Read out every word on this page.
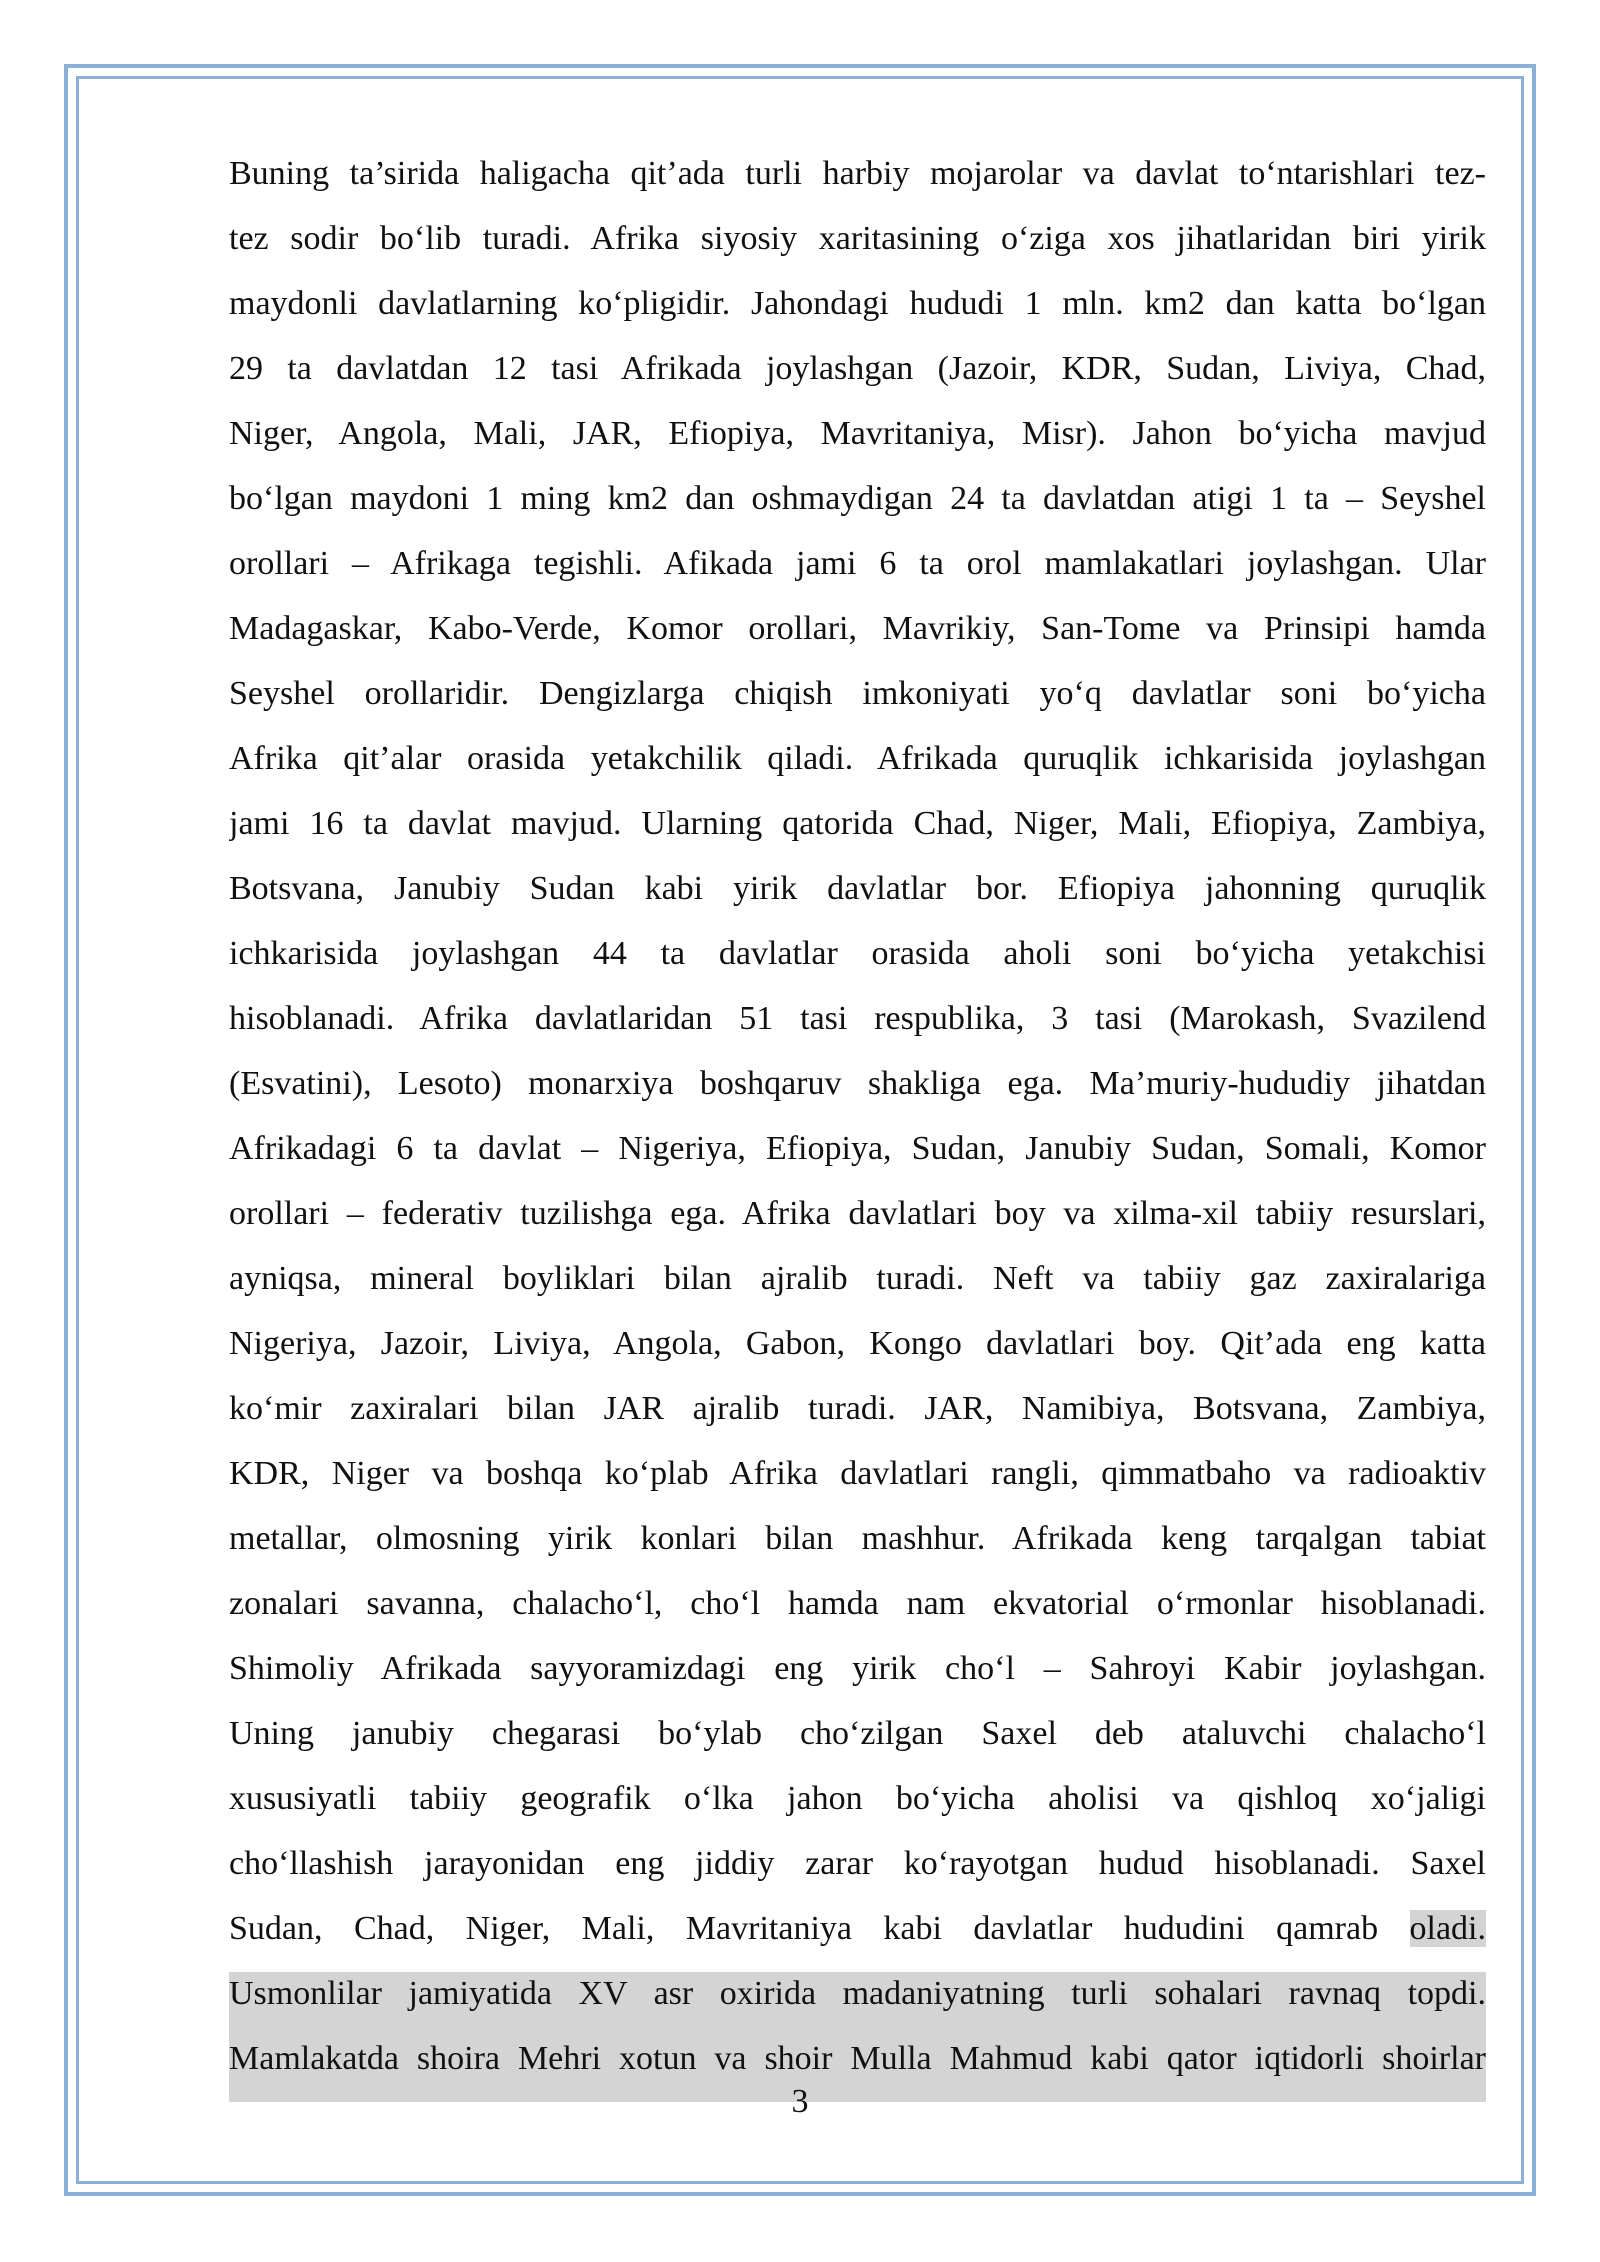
Buning ta’sirida haligacha qit’ada turli harbiy mojarolar va davlat to‘ntarishlari tez-
tez sodir bo‘lib turadi. Afrika siyosiy xaritasining o‘ziga xos jihatlaridan biri yirik
maydonli davlatlarning ko‘pligidir. Jahondagi hududi 1 mln. km2 dan katta bo‘lgan
29 ta davlatdan 12 tasi Afrikada joylashgan (Jazoir, KDR, Sudan, Liviya, Chad,
Niger, Angola, Mali, JAR, Efiopiya, Mavritaniya, Misr). Jahon bo‘yicha mavjud
bo‘lgan maydoni 1 ming km2 dan oshmaydigan 24 ta davlatdan atigi 1 ta – Seyshel
orollari – Afrikaga tegishli. Afikada jami 6 ta orol mamlakatlari joylashgan. Ular
Madagaskar, Kabo-Verde, Komor orollari, Mavrikiy, San-Tome va Prinsipi hamda
Seyshel orollaridir. Dengizlarga chiqish imkoniyati yo‘q davlatlar soni bo‘yicha
Afrika qit’alar orasida yetakchilik qiladi. Afrikada quruqlik ichkarisida joylashgan
jami 16 ta davlat mavjud. Ularning qatorida Chad, Niger, Mali, Efiopiya, Zambiya,
Botsvana, Janubiy Sudan kabi yirik davlatlar bor. Efiopiya jahonning quruqlik
ichkarisida joylashgan 44 ta davlatlar orasida aholi soni bo‘yicha yetakchisi
hisoblanadi. Afrika davlatlaridan 51 tasi respublika, 3 tasi (Marokash, Svazilend
(Esvatini), Lesoto) monarxiya boshqaruv shakliga ega. Ma’muriy-hududiy jihatdan
Afrikadagi 6 ta davlat – Nigeriya, Efiopiya, Sudan, Janubiy Sudan, Somali, Komor
orollari – federativ tuzilishga ega. Afrika davlatlari boy va xilma-xil tabiiy resurslari,
ayniqsa, mineral boyliklari bilan ajralib turadi. Neft va tabiiy gaz zaxiralariga
Nigeriya, Jazoir, Liviya, Angola, Gabon, Kongo davlatlari boy. Qit’ada eng katta
ko‘mir zaxiralari bilan JAR ajralib turadi. JAR, Namibiya, Botsvana, Zambiya,
KDR, Niger va boshqa ko‘plab Afrika davlatlari rangli, qimmatbaho va radioaktiv
metallar, olmosning yirik konlari bilan mashhur. Afrikada keng tarqalgan tabiat
zonalari savanna, chalacho‘l, cho‘l hamda nam ekvatorial o‘rmonlar hisoblanadi.
Shimoliy Afrikada sayyoramizdagi eng yirik cho‘l – Sahroyi Kabir joylashgan.
Uning janubiy chegarasi bo‘ylab cho‘zilgan Saxel deb ataluvchi chalacho‘l
xususiyatli tabiiy geografik o‘lka jahon bo‘yicha aholisi va qishloq xo‘jaligi
cho‘llashish jarayonidan eng jiddiy zarar ko‘rayotgan hudud hisoblanadi. Saxel
Sudan, Chad, Niger, Mali, Mavritaniya kabi davlatlar hududini qamrab oladi.
Usmonlilar jamiyatida XV asr oxirida madaniyatning turli sohalari ravnaq topdi.
Mamlakatda shoira Mehri xotun va shoir Mulla Mahmud kabi qator iqtidorli shoirlar
3
